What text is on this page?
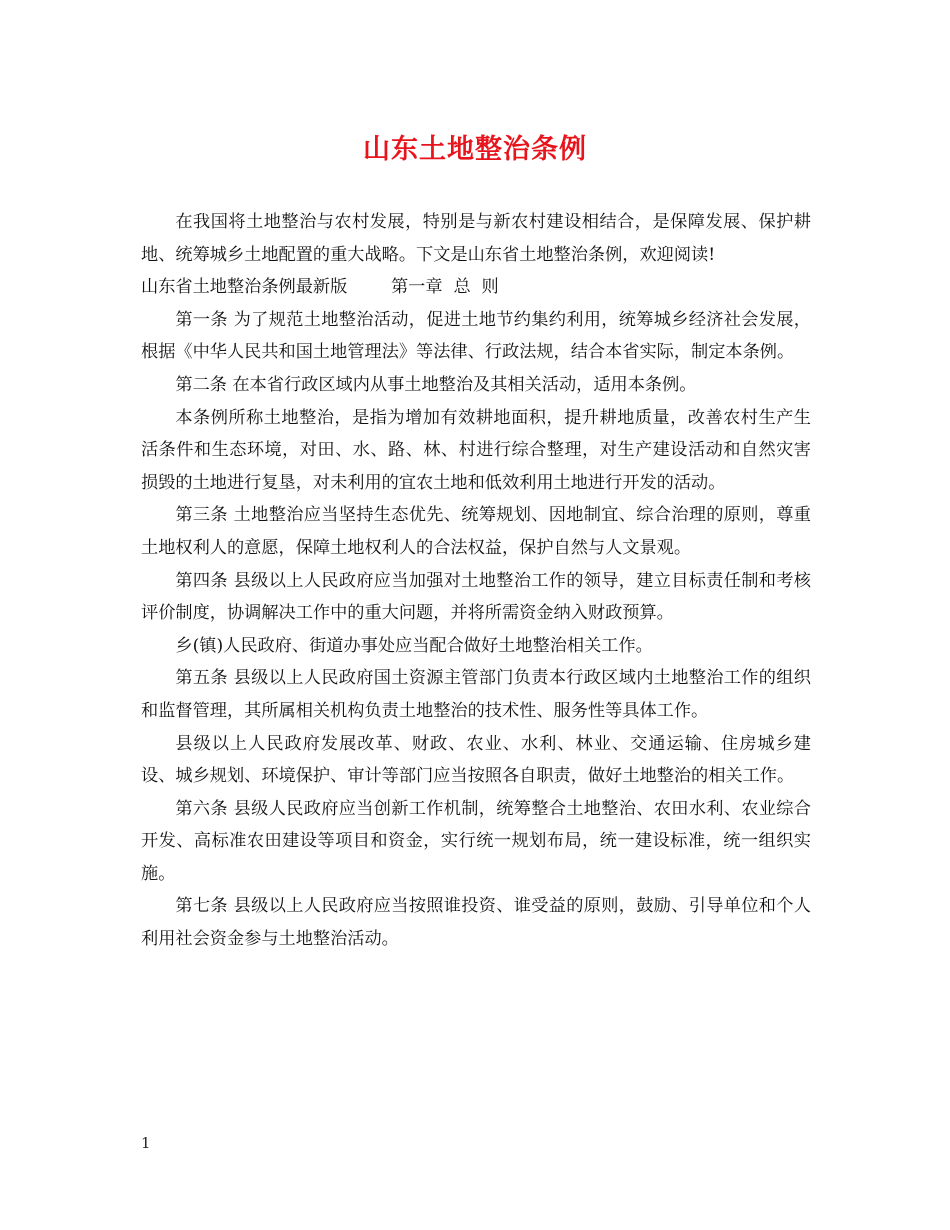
山东土地整治条例

在我国将土地整治与农村发展，特别是与新农村建设相结合，是保障发展、保护耕地、统筹城乡土地配置的重大战略。下文是山东省土地整治条例，欢迎阅读!

山东省土地整治条例最新版        第一章  总  则

第一条 为了规范土地整治活动，促进土地节约集约利用，统筹城乡经济社会发展，根据《中华人民共和国土地管理法》等法律、行政法规，结合本省实际，制定本条例。

第二条 在本省行政区域内从事土地整治及其相关活动，适用本条例。

本条例所称土地整治，是指为增加有效耕地面积，提升耕地质量，改善农村生产生活条件和生态环境，对田、水、路、林、村进行综合整理，对生产建设活动和自然灾害损毁的土地进行复垦，对未利用的宜农土地和低效利用土地进行开发的活动。

第三条 土地整治应当坚持生态优先、统筹规划、因地制宜、综合治理的原则，尊重土地权利人的意愿，保障土地权利人的合法权益，保护自然与人文景观。

第四条 县级以上人民政府应当加强对土地整治工作的领导，建立目标责任制和考核评价制度，协调解决工作中的重大问题，并将所需资金纳入财政预算。

乡(镇)人民政府、街道办事处应当配合做好土地整治相关工作。

第五条 县级以上人民政府国土资源主管部门负责本行政区域内土地整治工作的组织和监督管理，其所属相关机构负责土地整治的技术性、服务性等具体工作。

县级以上人民政府发展改革、财政、农业、水利、林业、交通运输、住房城乡建设、城乡规划、环境保护、审计等部门应当按照各自职责，做好土地整治的相关工作。

第六条 县级人民政府应当创新工作机制，统筹整合土地整治、农田水利、农业综合开发、高标准农田建设等项目和资金，实行统一规划布局，统一建设标准，统一组织实施。

第七条 县级以上人民政府应当按照谁投资、谁受益的原则，鼓励、引导单位和个人利用社会资金参与土地整治活动。

1
